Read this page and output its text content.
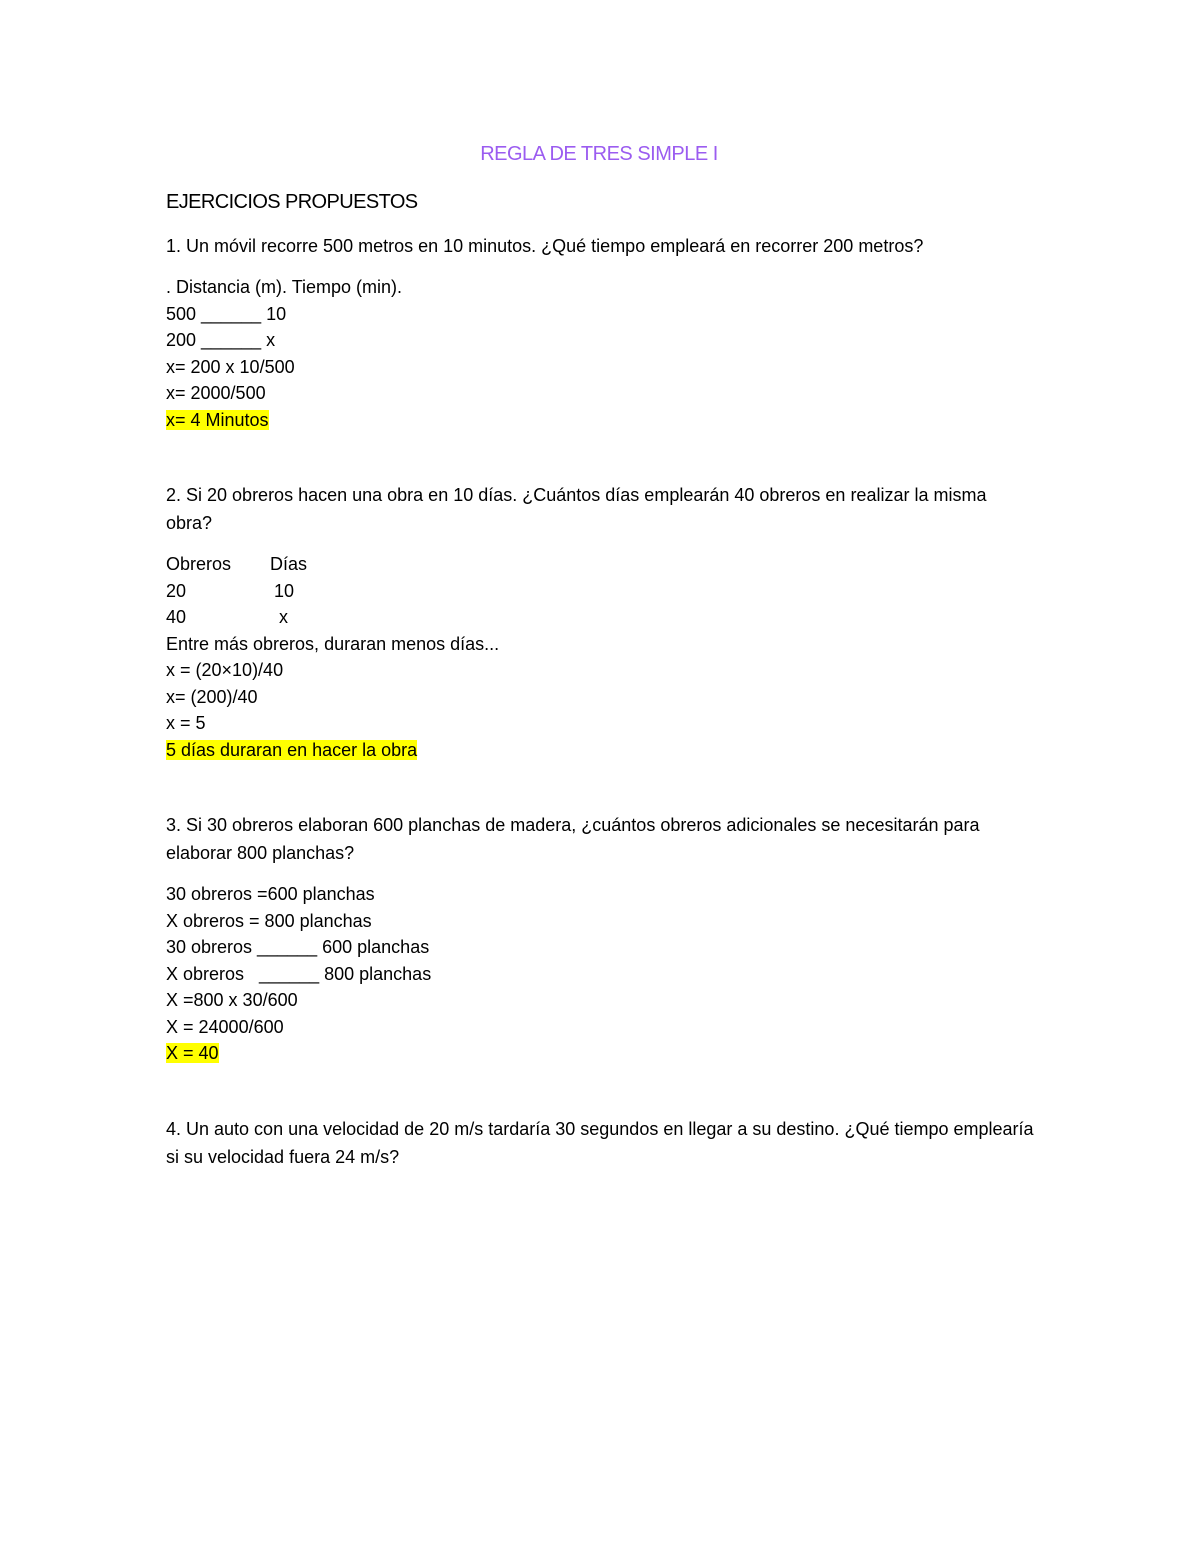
REGLA DE TRES SIMPLE I
EJERCICIOS PROPUESTOS
1. Un móvil recorre 500 metros en 10 minutos. ¿Qué tiempo empleará en recorrer 200 metros?
. Distancia (m). Tiempo (min).
500 ______ 10
200 ______ x
x= 200 x 10/500
x= 2000/500
x= 4 Minutos
2. Si 20 obreros hacen una obra en 10 días. ¿Cuántos días emplearán 40 obreros en realizar la misma obra?
Obreros Días
20	10
40	x
Entre más obreros, duraran menos días...
x = (20×10)/40
x= (200)/40
x = 5
5 días duraran en hacer la obra
3. Si 30 obreros elaboran 600 planchas de madera, ¿cuántos obreros adicionales se necesitarán para elaborar 800 planchas?
30 obreros =600 planchas
X obreros = 800 planchas
30 obreros ______ 600 planchas
X obreros   ______ 800 planchas
X =800 x 30/600
X = 24000/600
X = 40
4. Un auto con una velocidad de 20 m/s tardaría 30 segundos en llegar a su destino. ¿Qué tiempo emplearía si su velocidad fuera 24 m/s?
